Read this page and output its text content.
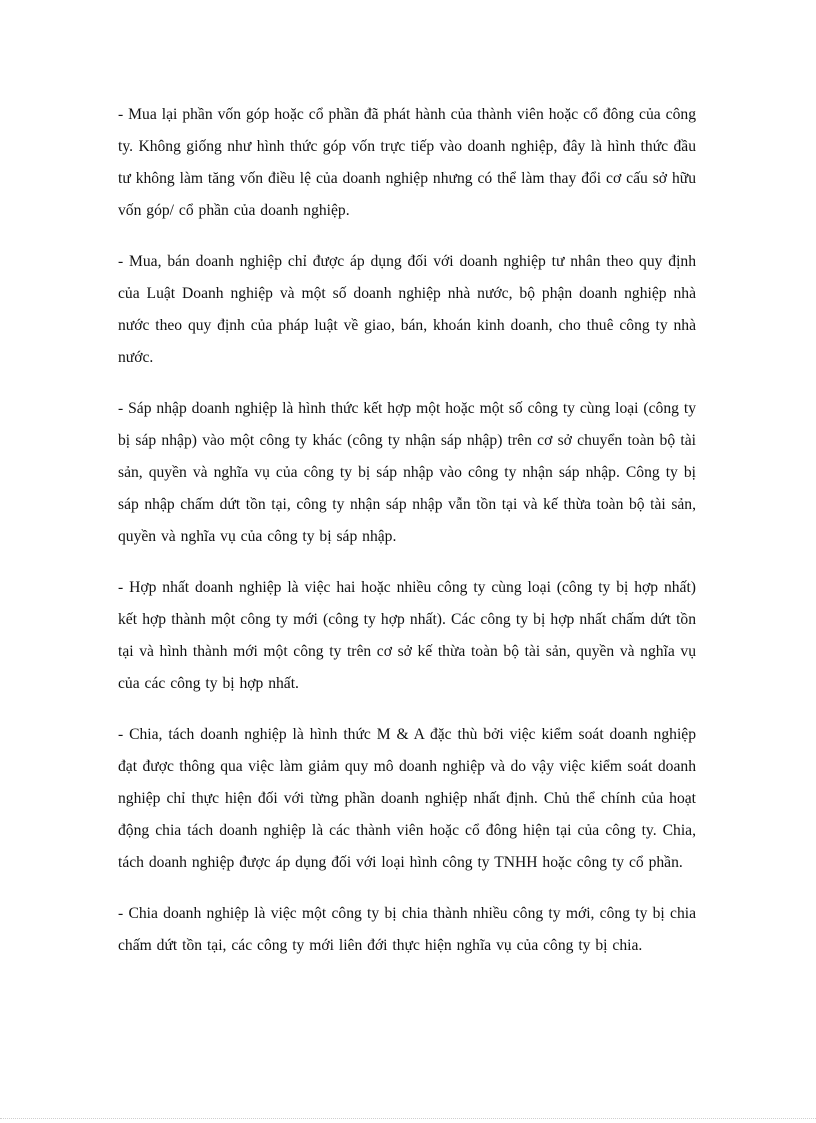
- Mua lại phần vốn góp hoặc cổ phần đã phát hành của thành viên hoặc cổ đông của công ty. Không giống như hình thức góp vốn trực tiếp vào doanh nghiệp, đây là hình thức đầu tư không làm tăng vốn điều lệ của doanh nghiệp nhưng có thể làm thay đổi cơ cấu sở hữu vốn góp/ cổ phần của doanh nghiệp.

- Mua, bán doanh nghiệp chỉ được áp dụng đối với doanh nghiệp tư nhân theo quy định của Luật Doanh nghiệp và một số doanh nghiệp nhà nước, bộ phận doanh nghiệp nhà nước theo quy định của pháp luật về giao, bán, khoán kinh doanh, cho thuê công ty nhà nước.

- Sáp nhập doanh nghiệp là hình thức kết hợp một hoặc một số công ty cùng loại (công ty bị sáp nhập) vào một công ty khác (công ty nhận sáp nhập) trên cơ sở chuyển toàn bộ tài sản, quyền và nghĩa vụ của công ty bị sáp nhập vào công ty nhận sáp nhập. Công ty bị sáp nhập chấm dứt tồn tại, công ty nhận sáp nhập vẫn tồn tại và kế thừa toàn bộ tài sản, quyền và nghĩa vụ của công ty bị sáp nhập.

- Hợp nhất doanh nghiệp là việc hai hoặc nhiều công ty cùng loại (công ty bị hợp nhất) kết hợp thành một công ty mới (công ty hợp nhất). Các công ty bị hợp nhất chấm dứt tồn tại và hình thành mới một công ty trên cơ sở kế thừa toàn bộ tài sản, quyền và nghĩa vụ của các công ty bị hợp nhất.

- Chia, tách doanh nghiệp là hình thức M & A đặc thù bởi việc kiểm soát doanh nghiệp đạt được thông qua việc làm giảm quy mô doanh nghiệp và do vậy việc kiểm soát doanh nghiệp chỉ thực hiện đối với từng phần doanh nghiệp nhất định. Chủ thể chính của hoạt động chia tách doanh nghiệp là các thành viên hoặc cổ đông hiện tại của công ty. Chia, tách doanh nghiệp được áp dụng đối với loại hình công ty TNHH hoặc công ty cổ phần.

- Chia doanh nghiệp là việc một công ty bị chia thành nhiều công ty mới, công ty bị chia chấm dứt tồn tại, các công ty mới liên đới thực hiện nghĩa vụ của công ty bị chia.
